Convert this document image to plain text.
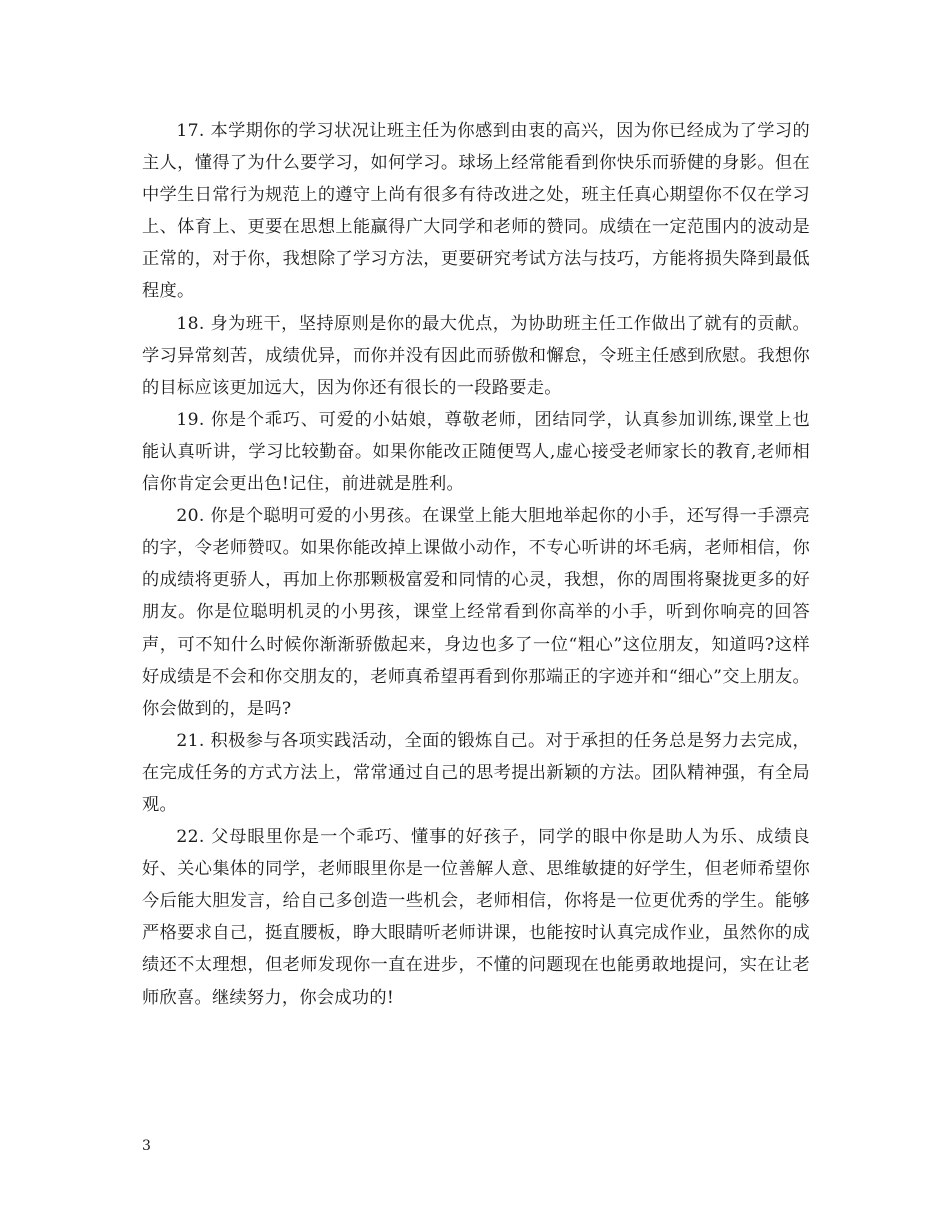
17. 本学期你的学习状况让班主任为你感到由衷的高兴，因为你已经成为了学习的主人，懂得了为什么要学习，如何学习。球场上经常能看到你快乐而骄健的身影。但在中学生日常行为规范上的遵守上尚有很多有待改进之处，班主任真心期望你不仅在学习上、体育上、更要在思想上能赢得广大同学和老师的赞同。成绩在一定范围内的波动是正常的，对于你，我想除了学习方法，更要研究考试方法与技巧，方能将损失降到最低程度。

18. 身为班干，坚持原则是你的最大优点，为协助班主任工作做出了就有的贡献。学习异常刻苦，成绩优异，而你并没有因此而骄傲和懈怠，令班主任感到欣慰。我想你的目标应该更加远大，因为你还有很长的一段路要走。

19. 你是个乖巧、可爱的小姑娘，尊敬老师，团结同学，认真参加训练,课堂上也能认真听讲，学习比较勤奋。如果你能改正随便骂人,虚心接受老师家长的教育,老师相信你肯定会更出色!记住，前进就是胜利。

20. 你是个聪明可爱的小男孩。在课堂上能大胆地举起你的小手，还写得一手漂亮的字，令老师赞叹。如果你能改掉上课做小动作，不专心听讲的坏毛病，老师相信，你的成绩将更骄人，再加上你那颗极富爱和同情的心灵，我想，你的周围将聚拢更多的好朋友。你是位聪明机灵的小男孩，课堂上经常看到你高举的小手，听到你响亮的回答声，可不知什么时候你渐渐骄傲起来，身边也多了一位“粗心”这位朋友，知道吗?这样好成绩是不会和你交朋友的，老师真希望再看到你那端正的字迹并和“细心”交上朋友。你会做到的，是吗?

21. 积极参与各项实践活动，全面的锻炼自己。对于承担的任务总是努力去完成，在完成任务的方式方法上，常常通过自己的思考提出新颖的方法。团队精神强，有全局观。

22. 父母眼里你是一个乖巧、懂事的好孩子，同学的眼中你是助人为乐、成绩良好、关心集体的同学，老师眼里你是一位善解人意、思维敏捷的好学生，但老师希望你今后能大胆发言，给自己多创造一些机会，老师相信，你将是一位更优秀的学生。能够严格要求自己，挺直腰板，睁大眼睛听老师讲课，也能按时认真完成作业，虽然你的成绩还不太理想，但老师发现你一直在进步，不懂的问题现在也能勇敢地提问，实在让老师欣喜。继续努力，你会成功的!

3
